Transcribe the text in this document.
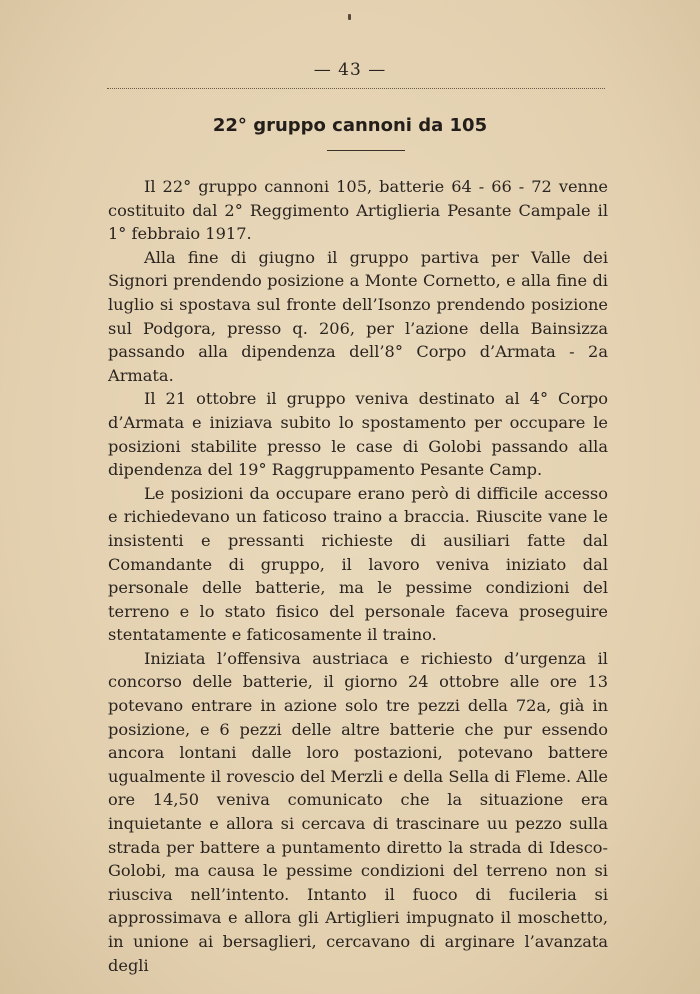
— 43 —
22° gruppo cannoni da 105

Il 22° gruppo cannoni 105, batterie 64 - 66 - 72 venne costituito dal 2° Reggimento Artiglieria Pesante Campale il 1° febbraio 1917.

Alla fine di giugno il gruppo partiva per Valle dei Signori prendendo posizione a Monte Cornetto, e alla fine di luglio si spostava sul fronte dell’Isonzo prendendo posizione sul Podgora, presso q. 206, per l’azione della Bainsizza passando alla dipendenza dell’8° Corpo d’Armata - 2a Armata.

Il 21 ottobre il gruppo veniva destinato al 4° Corpo d’Armata e iniziava subito lo spostamento per occupare le posizioni stabilite presso le case di Golobi passando alla dipendenza del 19° Raggruppamento Pesante Camp.

Le posizioni da occupare erano però di difficile accesso e richiedevano un faticoso traino a braccia. Riuscite vane le insistenti e pressanti richieste di ausiliari fatte dal Comandante di gruppo, il lavoro veniva iniziato dal personale delle batterie, ma le pessime condizioni del terreno e lo stato fisico del personale faceva proseguire stentatamente e faticosamente il traino.

Iniziata l’offensiva austriaca e richiesto d’urgenza il concorso delle batterie, il giorno 24 ottobre alle ore 13 potevano entrare in azione solo tre pezzi della 72a, già in posizione, e 6 pezzi delle altre batterie che pur essendo ancora lontani dalle loro postazioni, potevano battere ugualmente il rovescio del Merzli e della Sella di Fleme. Alle ore 14,50 veniva comunicato che la situazione era inquietante e allora si cercava di trascinare uu pezzo sulla strada per battere a puntamento diretto la strada di Idesco-Golobi, ma causa le pessime condizioni del terreno non si riusciva nell’intento. Intanto il fuoco di fucileria si approssimava e allora gli Artiglieri impugnato il moschetto, in unione ai bersaglieri, cercavano di arginare l’avanzata degli
